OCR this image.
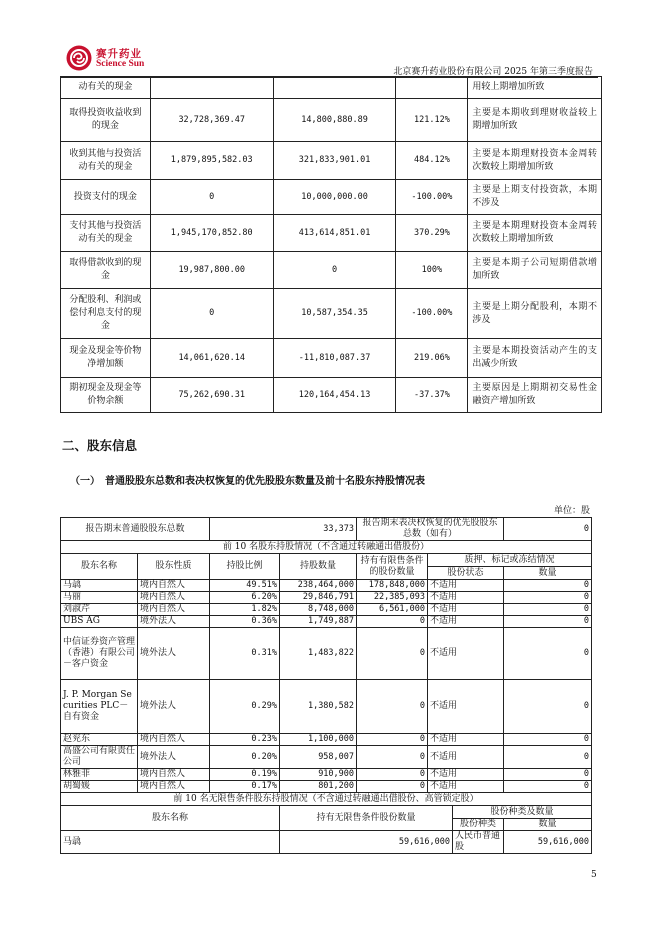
赛升药业
Science Sun
北京赛升药业股份有限公司 2025 年第三季度报告
动有关的现金				用较上期增加所致
取得投资收益收到的现金	32,728,369.47	14,800,880.89	121.12%	主要是本期收到理财收益较上期增加所致
收到其他与投资活动有关的现金	1,879,895,582.03	321,833,901.01	484.12%	主要是本期理财投资本金周转次数较上期增加所致
投资支付的现金	0	10,000,000.00	-100.00%	主要是上期支付投资款，本期不涉及
支付其他与投资活动有关的现金	1,945,170,852.80	413,614,851.01	370.29%	主要是本期理财投资本金周转次数较上期增加所致
取得借款收到的现金	19,987,800.00	0	100%	主要是本期子公司短期借款增加所致
分配股利、利润或偿付利息支付的现金	0	10,587,354.35	-100.00%	主要是上期分配股利，本期不涉及
现金及现金等价物净增加额	14,061,620.14	-11,810,087.37	219.06%	主要是本期投资活动产生的支出减少所致
期初现金及现金等价物余额	75,262,690.31	120,164,454.13	-37.37%	主要原因是上期期初交易性金融资产增加所致
二、股东信息
（一）　普通股股东总数和表决权恢复的优先股股东数量及前十名股东持股情况表
单位：股
报告期末普通股股东总数		33,373		报告期末表决权恢复的优先股股东总数（如有）			0
前 10 名股东持股情况（不含通过转融通出借股份）							
股东名称	股东性质	持股比例	持股数量	持有有限售条件的股份数量	质押、标记或冻结情况		
					股份状态		数量
马骉	境内自然人	49.51%	238,464,000	178,848,000	不适用		0
马丽	境内自然人	6.20%	29,846,791	22,385,093	不适用		0
刘淑芹	境内自然人	1.82%	8,748,000	6,561,000	不适用		0
UBS AG	境外法人	0.36%	1,749,887	0	不适用		0
中信证券资产管理（香港）有限公司－客户资金	境外法人	0.31%	1,483,822	0	不适用		0
J. P. Morgan Securities PLC－自有资金	境外法人	0.29%	1,380,582	0	不适用		0
赵兖东	境内自然人	0.23%	1,100,000	0	不适用		0
高盛公司有限责任公司	境外法人	0.20%	958,007	0	不适用		0
林雅菲	境内自然人	0.19%	910,900	0	不适用		0
胡蜀媛	境内自然人	0.17%	801,200	0	不适用		0
前 10 名无限售条件股东持股情况（不含通过转融通出借股份、高管锁定股）							
股东名称			持有无限售条件股份数量			股份种类及数量	
						股份种类	数量
马骉			59,616,000			人民币普通股	59,616,000
5
